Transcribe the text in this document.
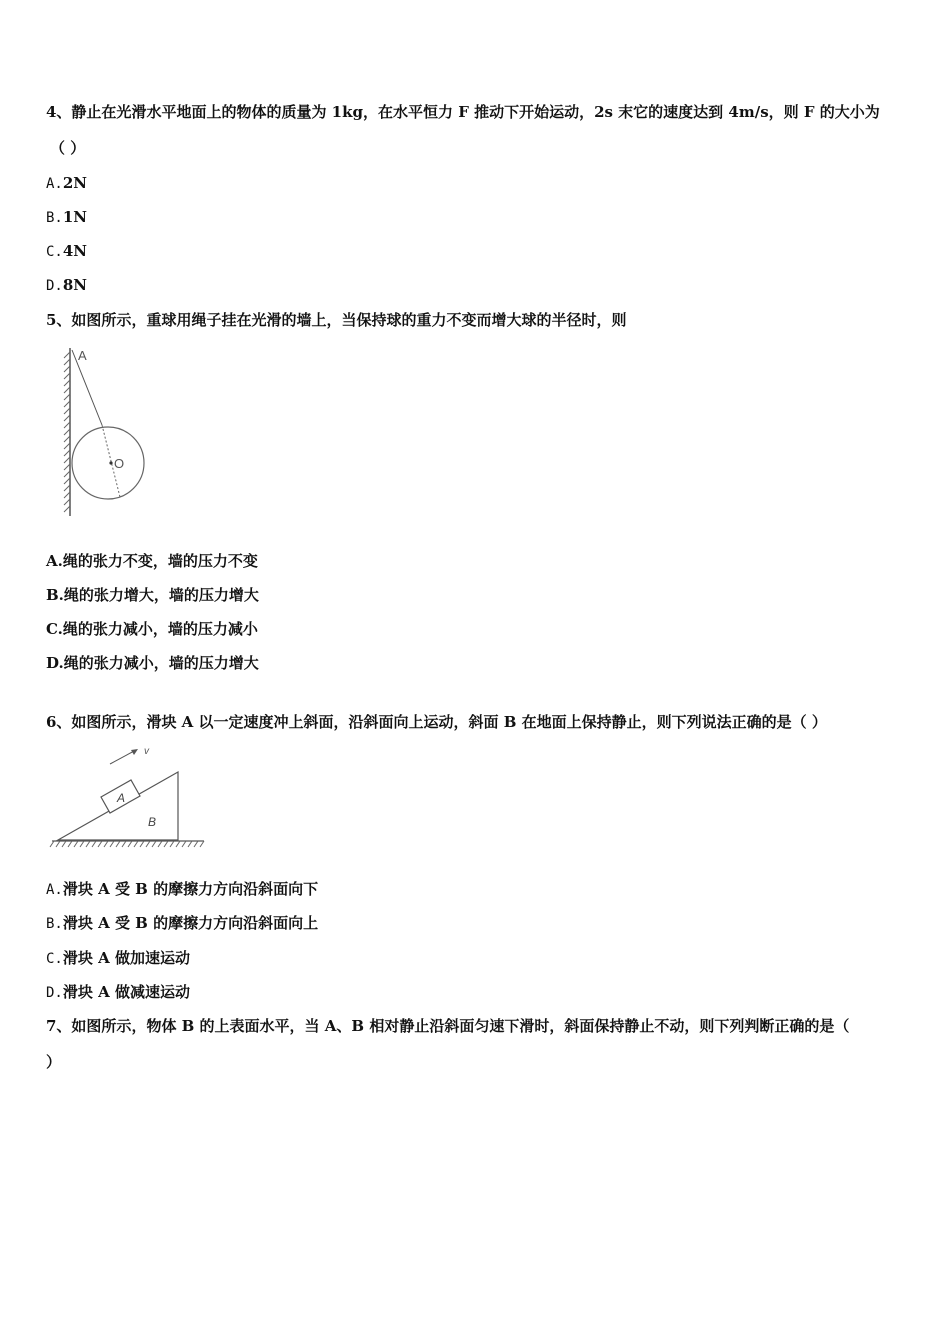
4、静止在光滑水平地面上的物体的质量为 1kg，在水平恒力 F 推动下开始运动，2s 末它的速度达到 4m/s，则 F 的大小为
（ ）
A.2N
B.1N
C.4N
D.8N
5、如图所示，重球用绳子挂在光滑的墙上，当保持球的重力不变而增大球的半径时，则
A
O
A.绳的张力不变，墙的压力不变
B.绳的张力增大，墙的压力增大
C.绳的张力减小，墙的压力减小
D.绳的张力减小，墙的压力增大
6、如图所示，滑块 A 以一定速度冲上斜面，沿斜面向上运动，斜面 B 在地面上保持静止，则下列说法正确的是（ ）
v
A
B
A.滑块 A 受 B 的摩擦力方向沿斜面向下
B.滑块 A 受 B 的摩擦力方向沿斜面向上
C.滑块 A 做加速运动
D.滑块 A 做减速运动
7、如图所示，物体 B 的上表面水平，当 A、B 相对静止沿斜面匀速下滑时，斜面保持静止不动，则下列判断正确的是（
）
